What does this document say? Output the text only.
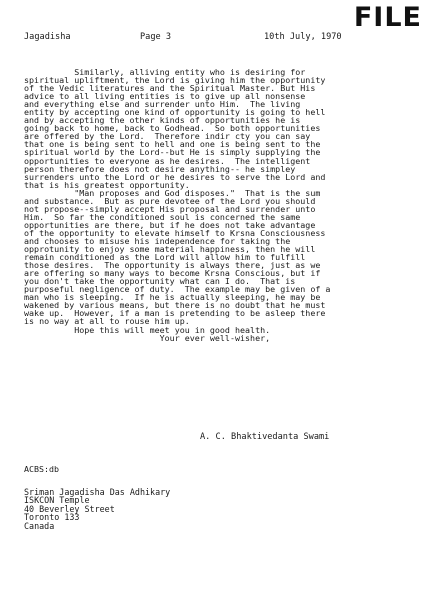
FILE
Jagadisha	Page 3	10th July, 1970
Similarly, alliving entity who is desiring for
spiritual upliftment, the Lord is giving him the opportunity
of the Vedic literatures and the Spiritual Master. But His
advice to all living entities is to give up all nonsense
and everything else and surrender unto Him.  The living
entity by accepting one kind of opportunity is going to hell
and by accepting the other kinds of opportunities he is
going back to home, back to Godhead.  So both opportunities
are offered by the Lord.  Therefore indir cty you can say
that one is being sent to hell and one is being sent to the
spiritual world by the Lord--but He is simply supplying the
opportunities to everyone as he desires.  The intelligent
person therefore does not desire anything-- he simpley
surrenders unto the Lord or he desires to serve the Lord and
that is his greatest opportunity.
"Man proposes and God disposes."  That is the sum
and substance.  But as pure devotee of the Lord you should
not propose--simply accept His proposal and surrender unto
Him.  So far the conditioned soul is concerned the same
opportunities are there, but if he does not take advantage
of the opportunity to elevate himself to Krsna Consciousness
and chooses to misuse his independence for taking the
opprotunity to enjoy some material happiness, then he will
remain conditioned as the Lord will allow him to fulfill
those desires.  The opportunity is always there, just as we
are offering so many ways to become Krsna Conscious, but if
you don't take the opportunity what can I do.  That is
purposeful negligence of duty.  The example may be given of a
man who is sleeping.  If he is actually sleeping, he may be
wakened by various means, but there is no doubt that he must
wake up.  However, if a man is pretending to be asleep there
is no way at all to rouse him up.
Hope this will meet you in good health.
Your ever well-wisher,
A. C. Bhaktivedanta Swami
ACBS:db
Sriman Jagadisha Das Adhikary
ISKCON Temple
40 Beverley Street
Toronto 133
Canada
